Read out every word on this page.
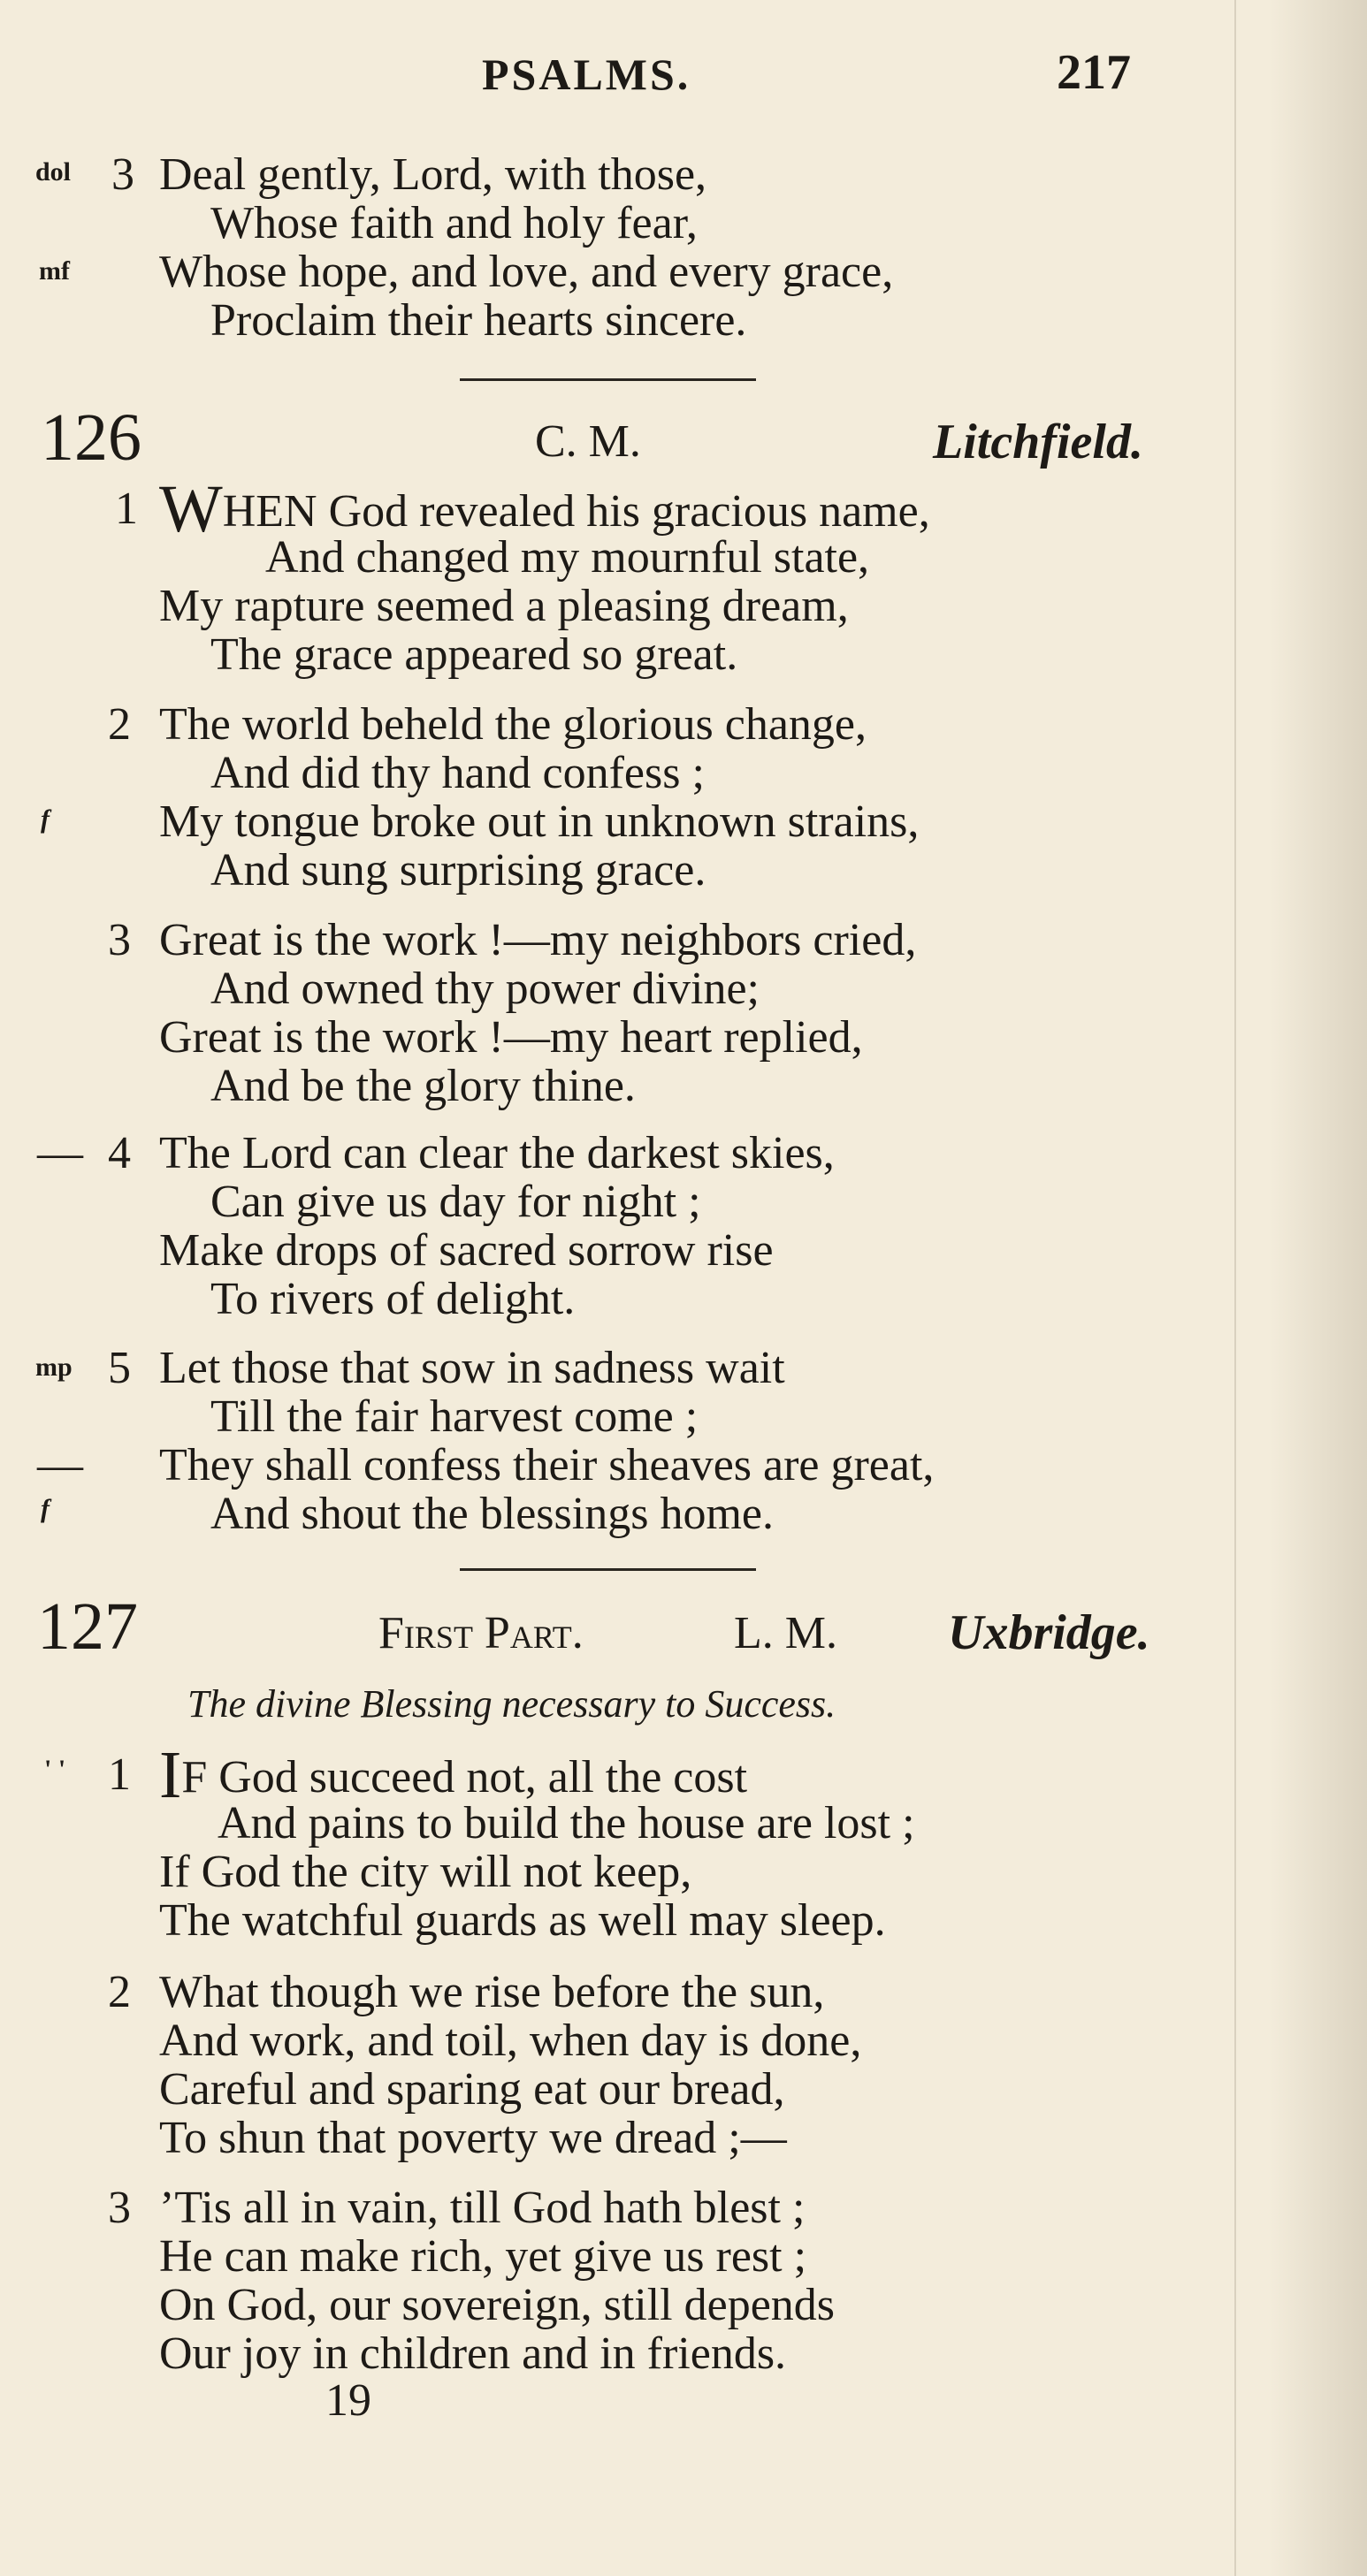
PSALMS.	217
dol 3 Deal gently, Lord, with those,
Whose faith and holy fear,
mf Whose hope, and love, and every grace,
Proclaim their hearts sincere.
126	C. M.	Litchfield.
1 WHEN God revealed his gracious name,
And changed my mournful state,
My rapture seemed a pleasing dream,
The grace appeared so great.
2 The world beheld the glorious change,
And did thy hand confess ;
f My tongue broke out in unknown strains,
And sung surprising grace.
3 Great is the work !—my neighbors cried,
And owned thy power divine;
Great is the work !—my heart replied,
And be the glory thine.
— 4 The Lord can clear the darkest skies,
Can give us day for night ;
Make drops of sacred sorrow rise
To rivers of delight.
mp 5 Let those that sow in sadness wait
Till the fair harvest come ;
— They shall confess their sheaves are great,
f	And shout the blessings home.
127	First Part.	L. M. Uxbridge.
The divine Blessing necessary to Success.
' ' 1 IF God succeed not, all the cost
And pains to build the house are lost ;
If God the city will not keep,
The watchful guards as well may sleep.
2 What though we rise before the sun,
And work, and toil, when day is done,
Careful and sparing eat our bread,
To shun that poverty we dread ;—
3 ’Tis all in vain, till God hath blest ;
He can make rich, yet give us rest ;
On God, our sovereign, still depends
Our joy in children and in friends.
19
